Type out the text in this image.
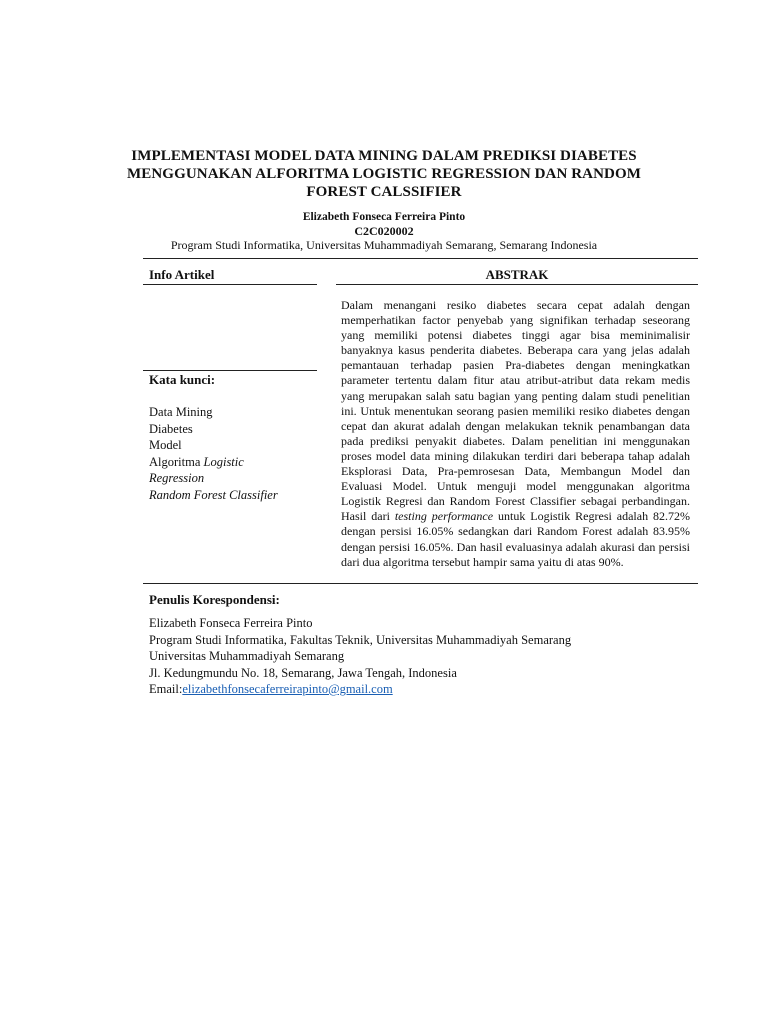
IMPLEMENTASI MODEL DATA MINING DALAM PREDIKSI DIABETES
MENGGUNAKAN ALFORITMA LOGISTIC REGRESSION DAN RANDOM
FOREST CALSSIFIER
Elizabeth Fonseca Ferreira Pinto
C2C020002
Program Studi Informatika, Universitas Muhammadiyah Semarang, Semarang Indonesia
Info Artikel	ABSTRAK
Dalam menangani resiko diabetes secara cepat adalah dengan memperhatikan factor penyebab yang signifikan terhadap seseorang yang memiliki potensi diabetes tinggi agar bisa meminimalisir banyaknya kasus penderita diabetes. Beberapa cara yang jelas adalah pemantauan terhadap pasien Pra-diabetes dengan meningkatkan parameter tertentu dalam fitur atau atribut-atribut data rekam medis yang merupakan salah satu bagian yang penting dalam studi penelitian ini. Untuk menentukan seorang pasien memiliki resiko diabetes dengan cepat dan akurat adalah dengan melakukan teknik penambangan data pada prediksi penyakit diabetes. Dalam penelitian ini menggunakan proses model data mining dilakukan terdiri dari beberapa tahap adalah Eksplorasi Data, Pra-pemrosesan Data, Membangun Model dan Evaluasi Model. Untuk menguji model menggunakan algoritma Logistik Regresi dan Random Forest Classifier sebagai perbandingan. Hasil dari testing performance untuk Logistik Regresi adalah 82.72% dengan persisi 16.05% sedangkan dari Random Forest adalah 83.95% dengan persisi 16.05%. Dan hasil evaluasinya adalah akurasi dan persisi dari dua algoritma tersebut hampir sama yaitu di atas 90%.
Kata kunci:
Data Mining
Diabetes
Model
Algoritma Logistic
Regression
Random Forest Classifier
Penulis Korespondensi:
Elizabeth Fonseca Ferreira Pinto
Program Studi Informatika, Fakultas Teknik, Universitas Muhammadiyah Semarang
Universitas Muhammadiyah Semarang
Jl. Kedungmundu No. 18, Semarang, Jawa Tengah, Indonesia
Email:elizabethfonsecaferreirapinto@gmail.com
